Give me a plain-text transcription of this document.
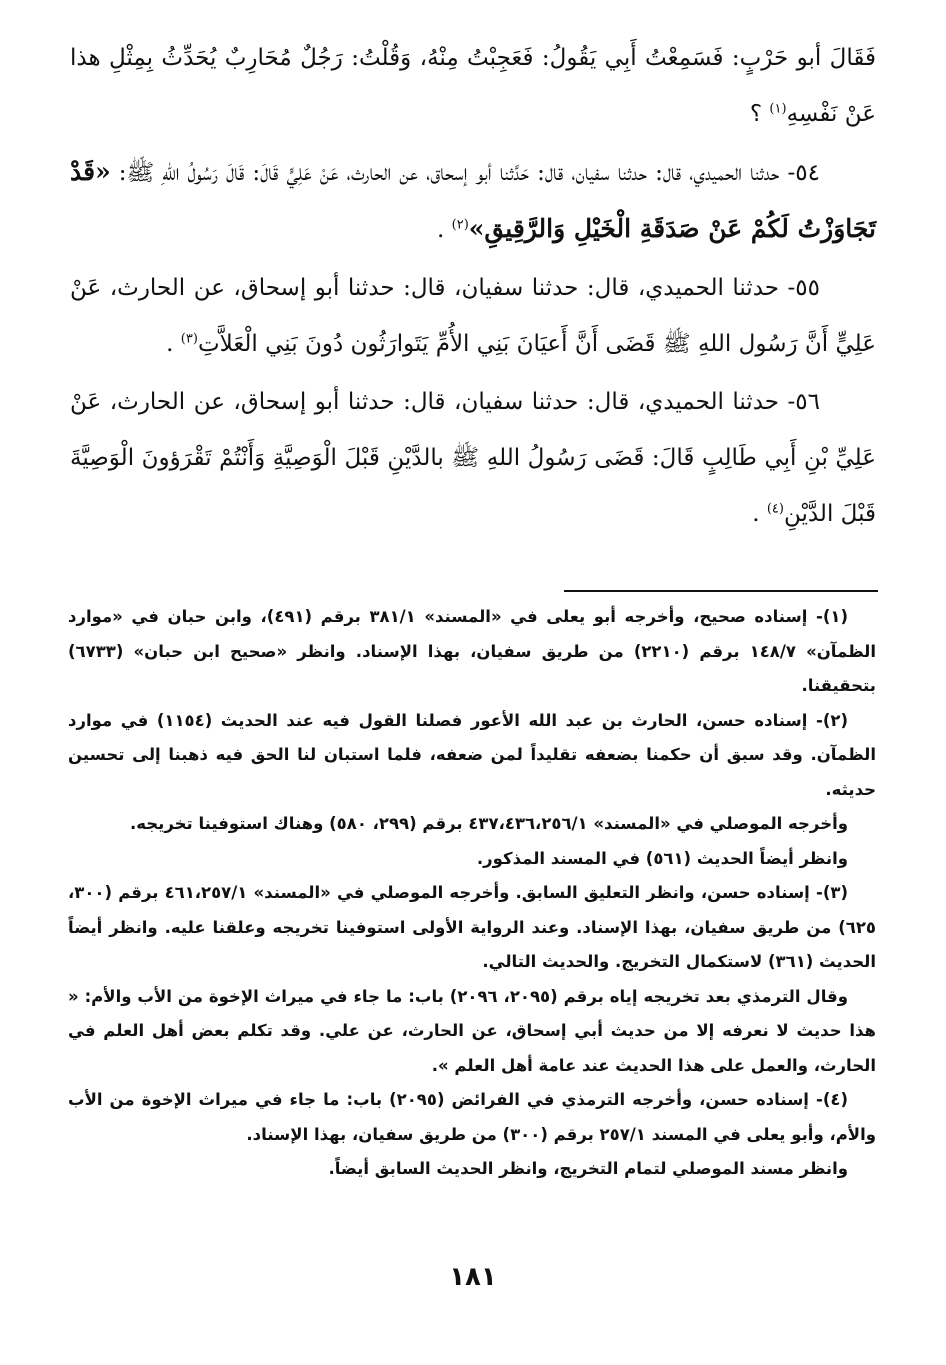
فَقَالَ أبو حَرْبٍ: فَسَمِعْتُ أَبِي يَقُولُ: فَعَجِبْتُ مِنْهُ، وَقُلْتُ: رَجُلٌ مُحَارِبٌ يُحَدِّثُ بِمِثْلِ هذا عَنْ نَفْسِهِ$^{(١)}$ ؟

٥٤- حدثنا الحميدي، قال: حدثنا سفيان، قال: حَدَّثنا أبو إسحاق، عن الحارث، عَنْ عَلِيٍّ قَالَ: قَالَ رَسُولُ اللهِ ﷺ: «قَدْ تَجَاوَزْتُ لَكُمْ عَنْ صَدَقَةِ الْخَيْلِ وَالرَّقِيقِ»$^{(٢)}$ .

٥٥- حدثنا الحميدي، قال: حدثنا سفيان، قال: حدثنا أبو إسحاق، عن الحارث، عَنْ عَلِيٍّ أَنَّ رَسُول اللهِ ﷺ قَضَى أَنَّ أَعيَانَ بَنِي الأُمِّ يَتَوارَثُون دُونَ بَنِي الْعَلاَّتِ$^{(٣)}$ .

٥٦- حدثنا الحميدي، قال: حدثنا سفيان، قال: حدثنا أبو إسحاق، عن الحارث، عَنْ عَلِيِّ بْنِ أَبِي طَالِبٍ قَالَ: قَضَى رَسُولُ اللهِ ﷺ بالدَّيْنِ قَبْلَ الْوَصِيَّةِ وَأَنْتُمْ تَقْرَؤونَ الْوَصِيَّةَ قَبْلَ الدَّيْنِ$^{(٤)}$ .

(١)- إسناده صحيح، وأخرجه أبو يعلى في «المسند» ٣٨١/١ برقم (٤٩١)، وابن حبان في «موارد الظمآن» ١٤٨/٧ برقم (٢٢١٠) من طريق سفيان، بهذا الإسناد. وانظر «صحيح ابن حبان» (٦٧٣٣) بتحقيقنا.

(٢)- إسناده حسن، الحارث بن عبد الله الأعور فصلنا القول فيه عند الحديث (١١٥٤) في موارد الظمآن. وقد سبق أن حكمنا بضعفه تقليداً لمن ضعفه، فلما استبان لنا الحق فيه ذهبنا إلى تحسين حديثه.

وأخرجه الموصلي في «المسند» ٤٣٧،٤٣٦،٢٥٦/١ برقم (٢٩٩، ٥٨٠) وهناك استوفينا تخريجه.

وانظر أيضاً الحديث (٥٦١) في المسند المذكور.

(٣)- إسناده حسن، وانظر التعليق السابق. وأخرجه الموصلي في «المسند» ٤٦١،٢٥٧/١ برقم (٣٠٠، ٦٢٥) من طريق سفيان، بهذا الإسناد. وعند الرواية الأولى استوفينا تخريجه وعلقنا عليه. وانظر أيضاً الحديث (٣٦١) لاستكمال التخريج. والحديث التالي.

وقال الترمذي بعد تخريجه إياه برقم (٢٠٩٥، ٢٠٩٦) باب: ما جاء في ميراث الإخوة من الأب والأم: « هذا حديث لا نعرفه إلا من حديث أبي إسحاق، عن الحارث، عن علي. وقد تكلم بعض أهل العلم في الحارث، والعمل على هذا الحديث عند عامة أهل العلم ».

(٤)- إسناده حسن، وأخرجه الترمذي في الفرائض (٢٠٩٥) باب: ما جاء في ميراث الإخوة من الأب والأم، وأبو يعلى في المسند ٢٥٧/١ برقم (٣٠٠) من طريق سفيان، بهذا الإسناد.

وانظر مسند الموصلي لتمام التخريج، وانظر الحديث السابق أيضاً.

١٨١
